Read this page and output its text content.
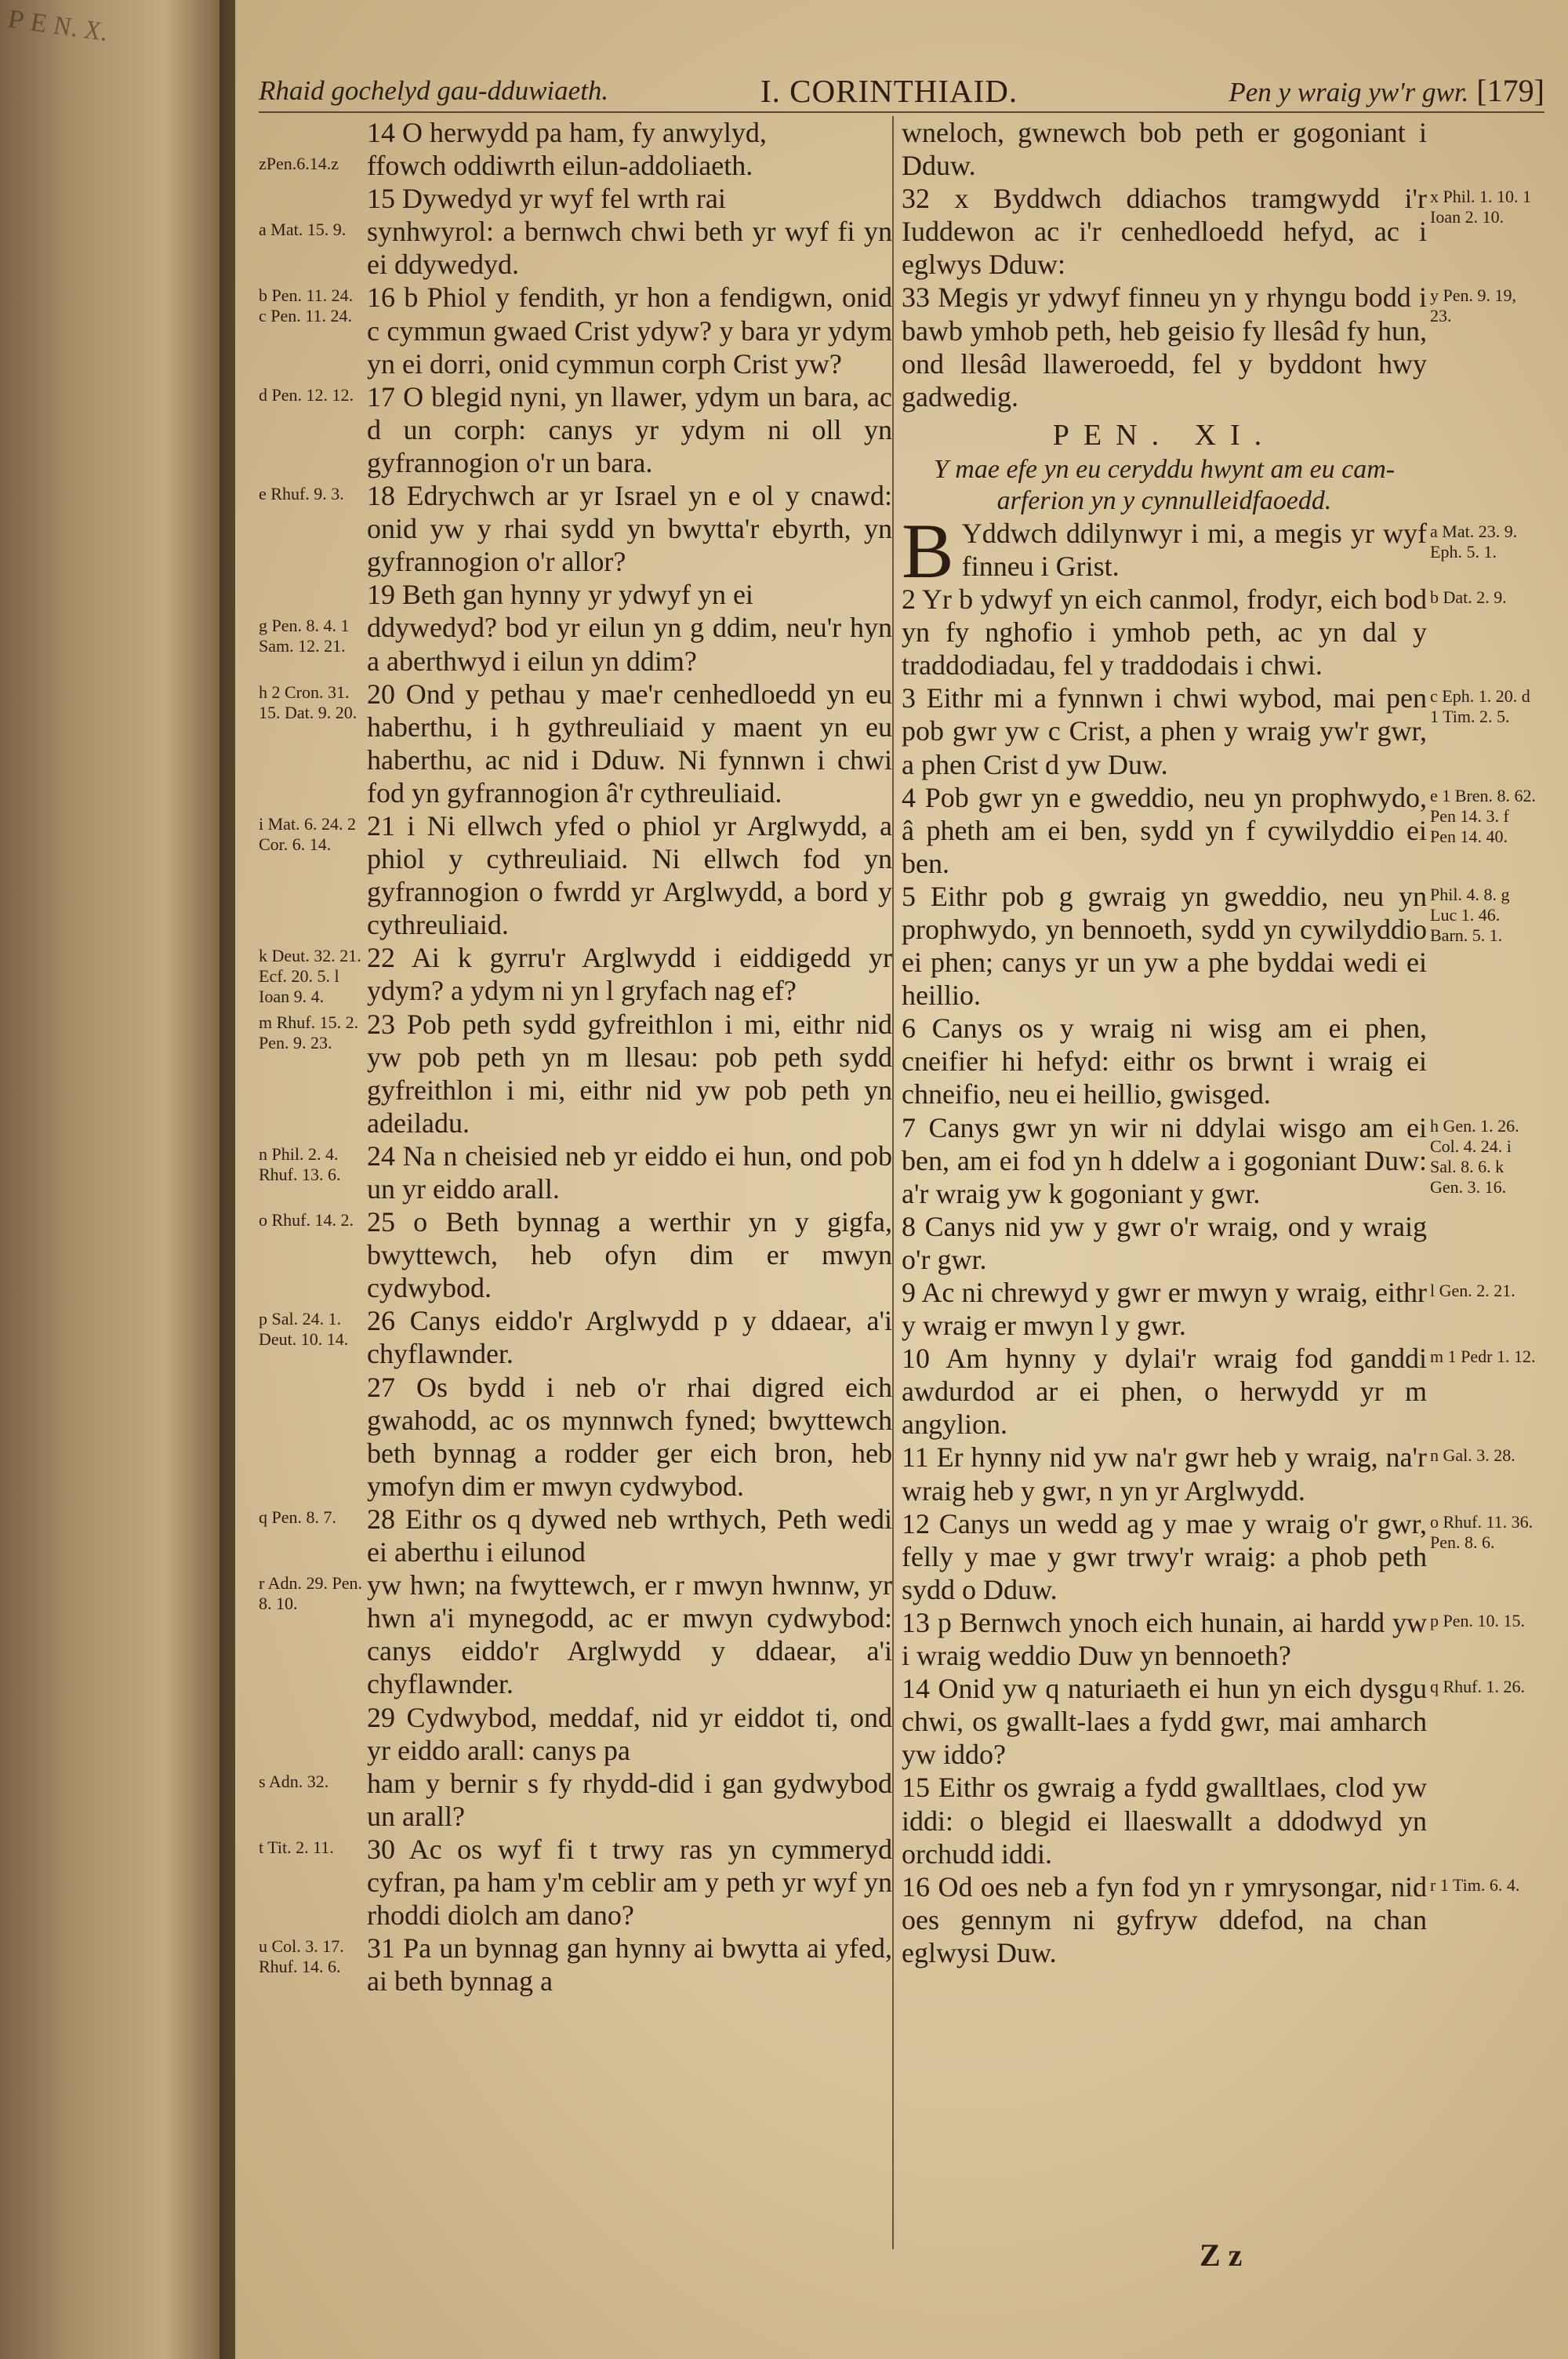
P E N. X.
Rhaid gochelyd gau-dduwiaeth.	I. CORINTHIAID.	Pen y wraig yw'r gwr. [179]
14 O herwydd pa ham, fy anwylyd,
zPen.6.14.z ffowch oddiwrth eilun-addoliaeth.
15 Dywedyd yr wyf fel wrth rai
a Mat. 15. 9. synhwyrol: a bernwch chwi beth yr wyf fi yn ei ddywedyd.
b Pen. 11. 24. c Pen. 11. 24.
16 b Phiol y fendith, yr hon a fendigwn, onid c cymmun gwaed Crist ydyw? y bara yr ydym yn ei dorri, onid cymmun corph Crist yw?
d Pen. 12. 12. 17 O blegid nyni, yn llawer, ydym un bara, ac d un corph: canys yr ydym ni oll yn gyfrannogion o'r un bara.
e Rhuf. 9. 3. 18 Edrychwch ar yr Israel yn e ol y cnawd: onid yw y rhai sydd yn bwytta'r ebyrth, yn gyfrannogion o'r allor?
19 Beth gan hynny yr ydwyf yn ei
g Pen. 8. 4. 1 Sam. 12. 21.
ddywedyd? bod yr eilun yn g ddim, neu'r hyn a aberthwyd i eilun yn ddim?
h 2 Cron. 31. 15. Dat. 9. 20.
20 Ond y pethau y mae'r cenhedloedd yn eu haberthu, i h gythreuliaid y maent yn eu haberthu, ac nid i Dduw. Ni fynnwn i chwi fod yn gyfrannogion â'r cythreuliaid.
i Mat. 6. 24. 2 Cor. 6. 14.
21 i Ni ellwch yfed o phiol yr Arglwydd, a phiol y cythreuliaid. Ni ellwch fod yn gyfrannogion o fwrdd yr Arglwydd, a bord y cythreuliaid.
k Deut. 32. 21. Ecf. 20. 5. l Ioan 9. 4.
22 Ai k gyrru'r Arglwydd i eiddigedd yr ydym? a ydym ni yn l gryfach nag ef?
m Rhuf. 15. 2. Pen. 9. 23.
23 Pob peth sydd gyfreithlon i mi, eithr nid yw pob peth yn m llesau: pob peth sydd gyfreithlon i mi, eithr nid yw pob peth yn adeiladu.
n Phil. 2. 4. Rhuf. 13. 6.
24 Na n cheisied neb yr eiddo ei hun, ond pob un yr eiddo arall.
o Rhuf. 14. 2. 25 o Beth bynnag a werthir yn y gigfa, bwyttewch, heb ofyn dim er mwyn cydwybod.
p Sal. 24. 1. Deut. 10. 14.
26 Canys eiddo'r Arglwydd p y ddaear, a'i chyflawnder.
27 Os bydd i neb o'r rhai digred eich gwahodd, ac os mynnwch fyned; bwyttewch beth bynnag a rodder ger eich bron, heb ymofyn dim er mwyn cydwybod.
q Pen. 8. 7.	28 Eithr os q dywed neb wrthych, Peth wedi ei aberthu i eilunod
r Adn. 29. Pen. 8. 10.
yw hwn; na fwyttewch, er r mwyn hwnnw, yr hwn a'i mynegodd, ac er mwyn cydwybod: canys eiddo'r Arglwydd y ddaear, a'i chyflawnder.
29 Cydwybod, meddaf, nid yr eiddot ti, ond yr eiddo arall: canys pa
s Adn. 32.	ham y bernir s fy rhydd-did i gan gydwybod un arall?
t Tit. 2. 11.	30 Ac os wyf fi t trwy ras yn cymmeryd cyfran, pa ham y'm ceblir am y peth yr wyf yn rhoddi diolch am dano?
u Col. 3. 17. Rhuf. 14. 6.
31 Pa un bynnag gan hynny ai bwytta ai yfed, ai beth bynnag a
wneloch, gwnewch bob peth er gogoniant i Dduw.
x Phil. 1. 10. 1 Ioan 2. 10.
32 x Byddwch ddiachos tramgwydd i'r Iuddewon ac i'r cenhedloedd hefyd, ac i eglwys Dduw:
y Pen. 9. 19, 23.
33 Megis yr ydwyf finneu yn y rhyngu bodd i bawb ymhob peth, heb geisio fy llesâd fy hun, ond llesâd llaweroedd, fel y byddont hwy gadwedig.
PEN. XI.
Y mae efe yn eu ceryddu hwynt am eu cam-arferion yn y cynnulleidfaoedd.
a Mat. 23. 9. Eph. 5. 1.
B Yddwch ddilynwyr i mi, a megis yr wyf finneu i Grist.
b Dat. 2. 9.
2 Yr b ydwyf yn eich canmol, frodyr, eich bod yn fy nghofio i ymhob peth, ac yn dal y traddodiadau, fel y traddodais i chwi.
c Eph. 1. 20. d 1 Tim. 2. 5.
3 Eithr mi a fynnwn i chwi wybod, mai pen pob gwr yw c Crist, a phen y wraig yw'r gwr, a phen Crist d yw Duw.
e 1 Bren. 8. 62. Pen 14. 3. f Pen 14. 40.
4 Pob gwr yn e gweddio, neu yn prophwydo, â pheth am ei ben, sydd yn f cywilyddio ei ben.
Phil. 4. 8. g Luc 1. 46. Barn. 5. 1.
5 Eithr pob g gwraig yn gweddio, neu yn prophwydo, yn bennoeth, sydd yn cywilyddio ei phen; canys yr un yw a phe byddai wedi ei heillio.
6 Canys os y wraig ni wisg am ei phen, cneifier hi hefyd: eithr os brwnt i wraig ei chneifio, neu ei heillio, gwisged.
h Gen. 1. 26. Col. 4. 24. i Sal. 8. 6. k Gen. 3. 16.
7 Canys gwr yn wir ni ddylai wisgo am ei ben, am ei fod yn h ddelw a i gogoniant Duw: a'r wraig yw k gogoniant y gwr.
8 Canys nid yw y gwr o'r wraig, ond y wraig o'r gwr.
l Gen. 2. 21.
9 Ac ni chrewyd y gwr er mwyn y wraig, eithr y wraig er mwyn l y gwr.
m 1 Pedr 1. 12.
10 Am hynny y dylai'r wraig fod ganddi awdurdod ar ei phen, o herwydd yr m angylion.
n Gal. 3. 28.
11 Er hynny nid yw na'r gwr heb y wraig, na'r wraig heb y gwr, n yn yr Arglwydd.
o Rhuf. 11. 36. Pen. 8. 6.
12 Canys un wedd ag y mae y wraig o'r gwr, felly y mae y gwr trwy'r wraig: a phob peth sydd o Dduw.
p Pen. 10. 15.
13 p Bernwch ynoch eich hunain, ai hardd yw i wraig weddio Duw yn bennoeth?
q Rhuf. 1. 26.
14 Onid yw q naturiaeth ei hun yn eich dysgu chwi, os gwallt-laes a fydd gwr, mai amharch yw iddo?
15 Eithr os gwraig a fydd gwalltlaes, clod yw iddi: o blegid ei llaeswallt a ddodwyd yn orchudd iddi.
r 1 Tim. 6. 4.
16 Od oes neb a fyn fod yn r ymrysongar, nid oes gennym ni gyfryw ddefod, na chan eglwysi Duw.
Z z
